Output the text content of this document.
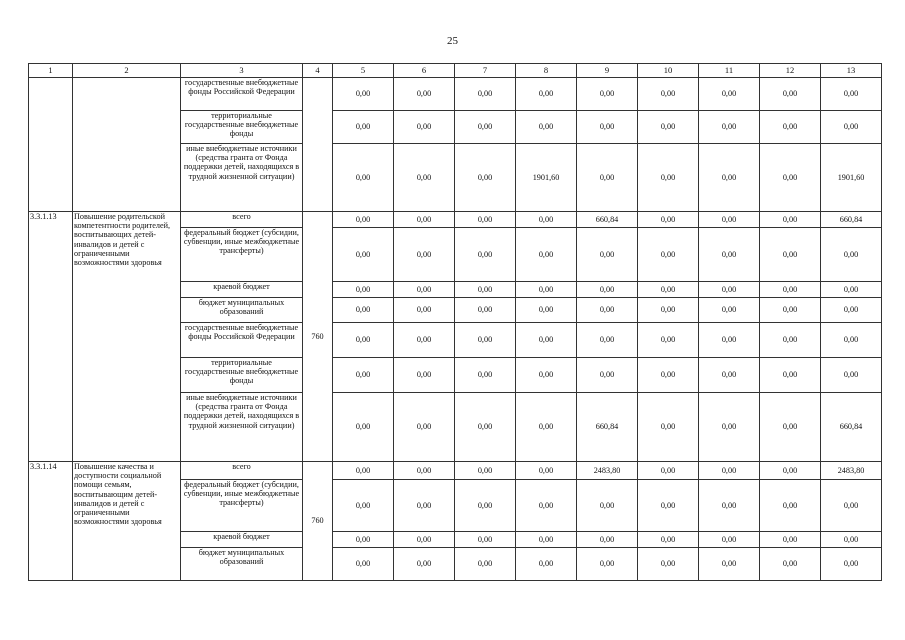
25
1	2	3	4	5	6	7	8	9	10	11	12	13
		государственные внебюджетные фонды Российской Федерации		0,00	0,00	0,00	0,00	0,00	0,00	0,00	0,00	0,00
		территориальные государственные внебюджетные фонды		0,00	0,00	0,00	0,00	0,00	0,00	0,00	0,00	0,00
		иные внебюджетные источники (средства гранта от Фонда поддержки детей, находящихся в трудной жизненной ситуации)		0,00	0,00	0,00	1901,60	0,00	0,00	0,00	0,00	1901,60
3.3.1.13	Повышение родительской компетентности родителей, воспитывающих детей-инвалидов и детей с ограниченными возможностями здоровья	всего	760	0,00	0,00	0,00	0,00	660,84	0,00	0,00	0,00	660,84
		федеральный бюджет (субсидии, субвенции, иные межбюджетные трансферты)		0,00	0,00	0,00	0,00	0,00	0,00	0,00	0,00	0,00
		краевой бюджет		0,00	0,00	0,00	0,00	0,00	0,00	0,00	0,00	0,00
		бюджет муниципальных образований		0,00	0,00	0,00	0,00	0,00	0,00	0,00	0,00	0,00
		государственные внебюджетные фонды Российской Федерации		0,00	0,00	0,00	0,00	0,00	0,00	0,00	0,00	0,00
		территориальные государственные внебюджетные фонды		0,00	0,00	0,00	0,00	0,00	0,00	0,00	0,00	0,00
		иные внебюджетные источники (средства гранта от Фонда поддержки детей, находящихся в трудной жизненной ситуации)		0,00	0,00	0,00	0,00	660,84	0,00	0,00	0,00	660,84
3.3.1.14	Повышение качества и доступности социальной помощи семьям, воспитывающим детей-инвалидов и детей с ограниченными возможностями здоровья	всего	760	0,00	0,00	0,00	0,00	2483,80	0,00	0,00	0,00	2483,80
		федеральный бюджет (субсидии, субвенции, иные межбюджетные трансферты)		0,00	0,00	0,00	0,00	0,00	0,00	0,00	0,00	0,00
		краевой бюджет		0,00	0,00	0,00	0,00	0,00	0,00	0,00	0,00	0,00
		бюджет муниципальных образований		0,00	0,00	0,00	0,00	0,00	0,00	0,00	0,00	0,00
